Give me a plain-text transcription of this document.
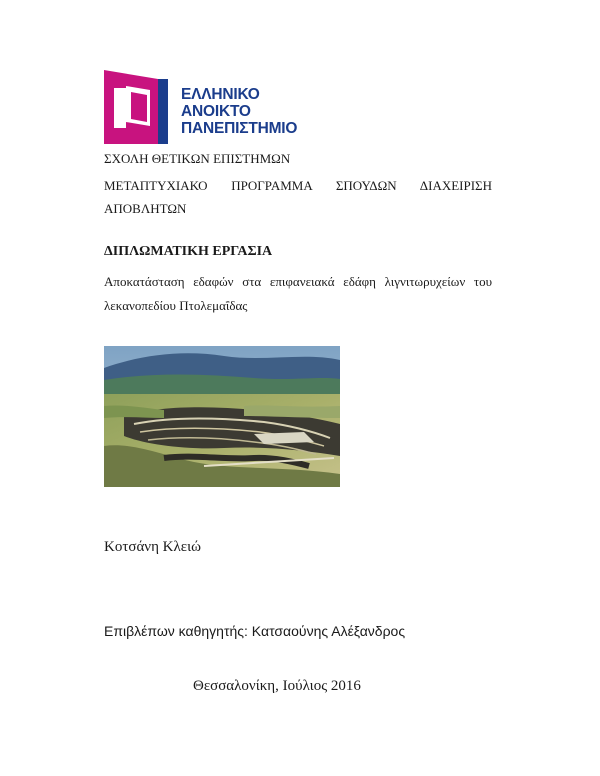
ΕΛΛΗΝΙΚΟ
ΑΝΟΙΚΤΟ
ΠΑΝΕΠΙΣΤΗΜΙΟ
ΣΧΟΛΗ ΘΕΤΙΚΩΝ ΕΠΙΣΤΗΜΩΝ
ΜΕΤΑΠΤΥΧΙΑΚΟ ΠΡΟΓΡΑΜΜΑ ΣΠΟΥΔΩΝ ΔΙΑΧΕΙΡΙΣΗ
ΑΠΟΒΛΗΤΩΝ
ΔΙΠΛΩΜΑΤΙΚΗ ΕΡΓΑΣΙΑ
Αποκατάσταση εδαφών στα επιφανειακά εδάφη λιγνιτωρυχείων του
λεκανοπεδίου Πτολεμαΐδας
Κοτσάνη Κλειώ
Επιβλέπων καθηγητής: Κατσαούνης Αλέξανδρος
Θεσσαλονίκη, Ιούλιος 2016
